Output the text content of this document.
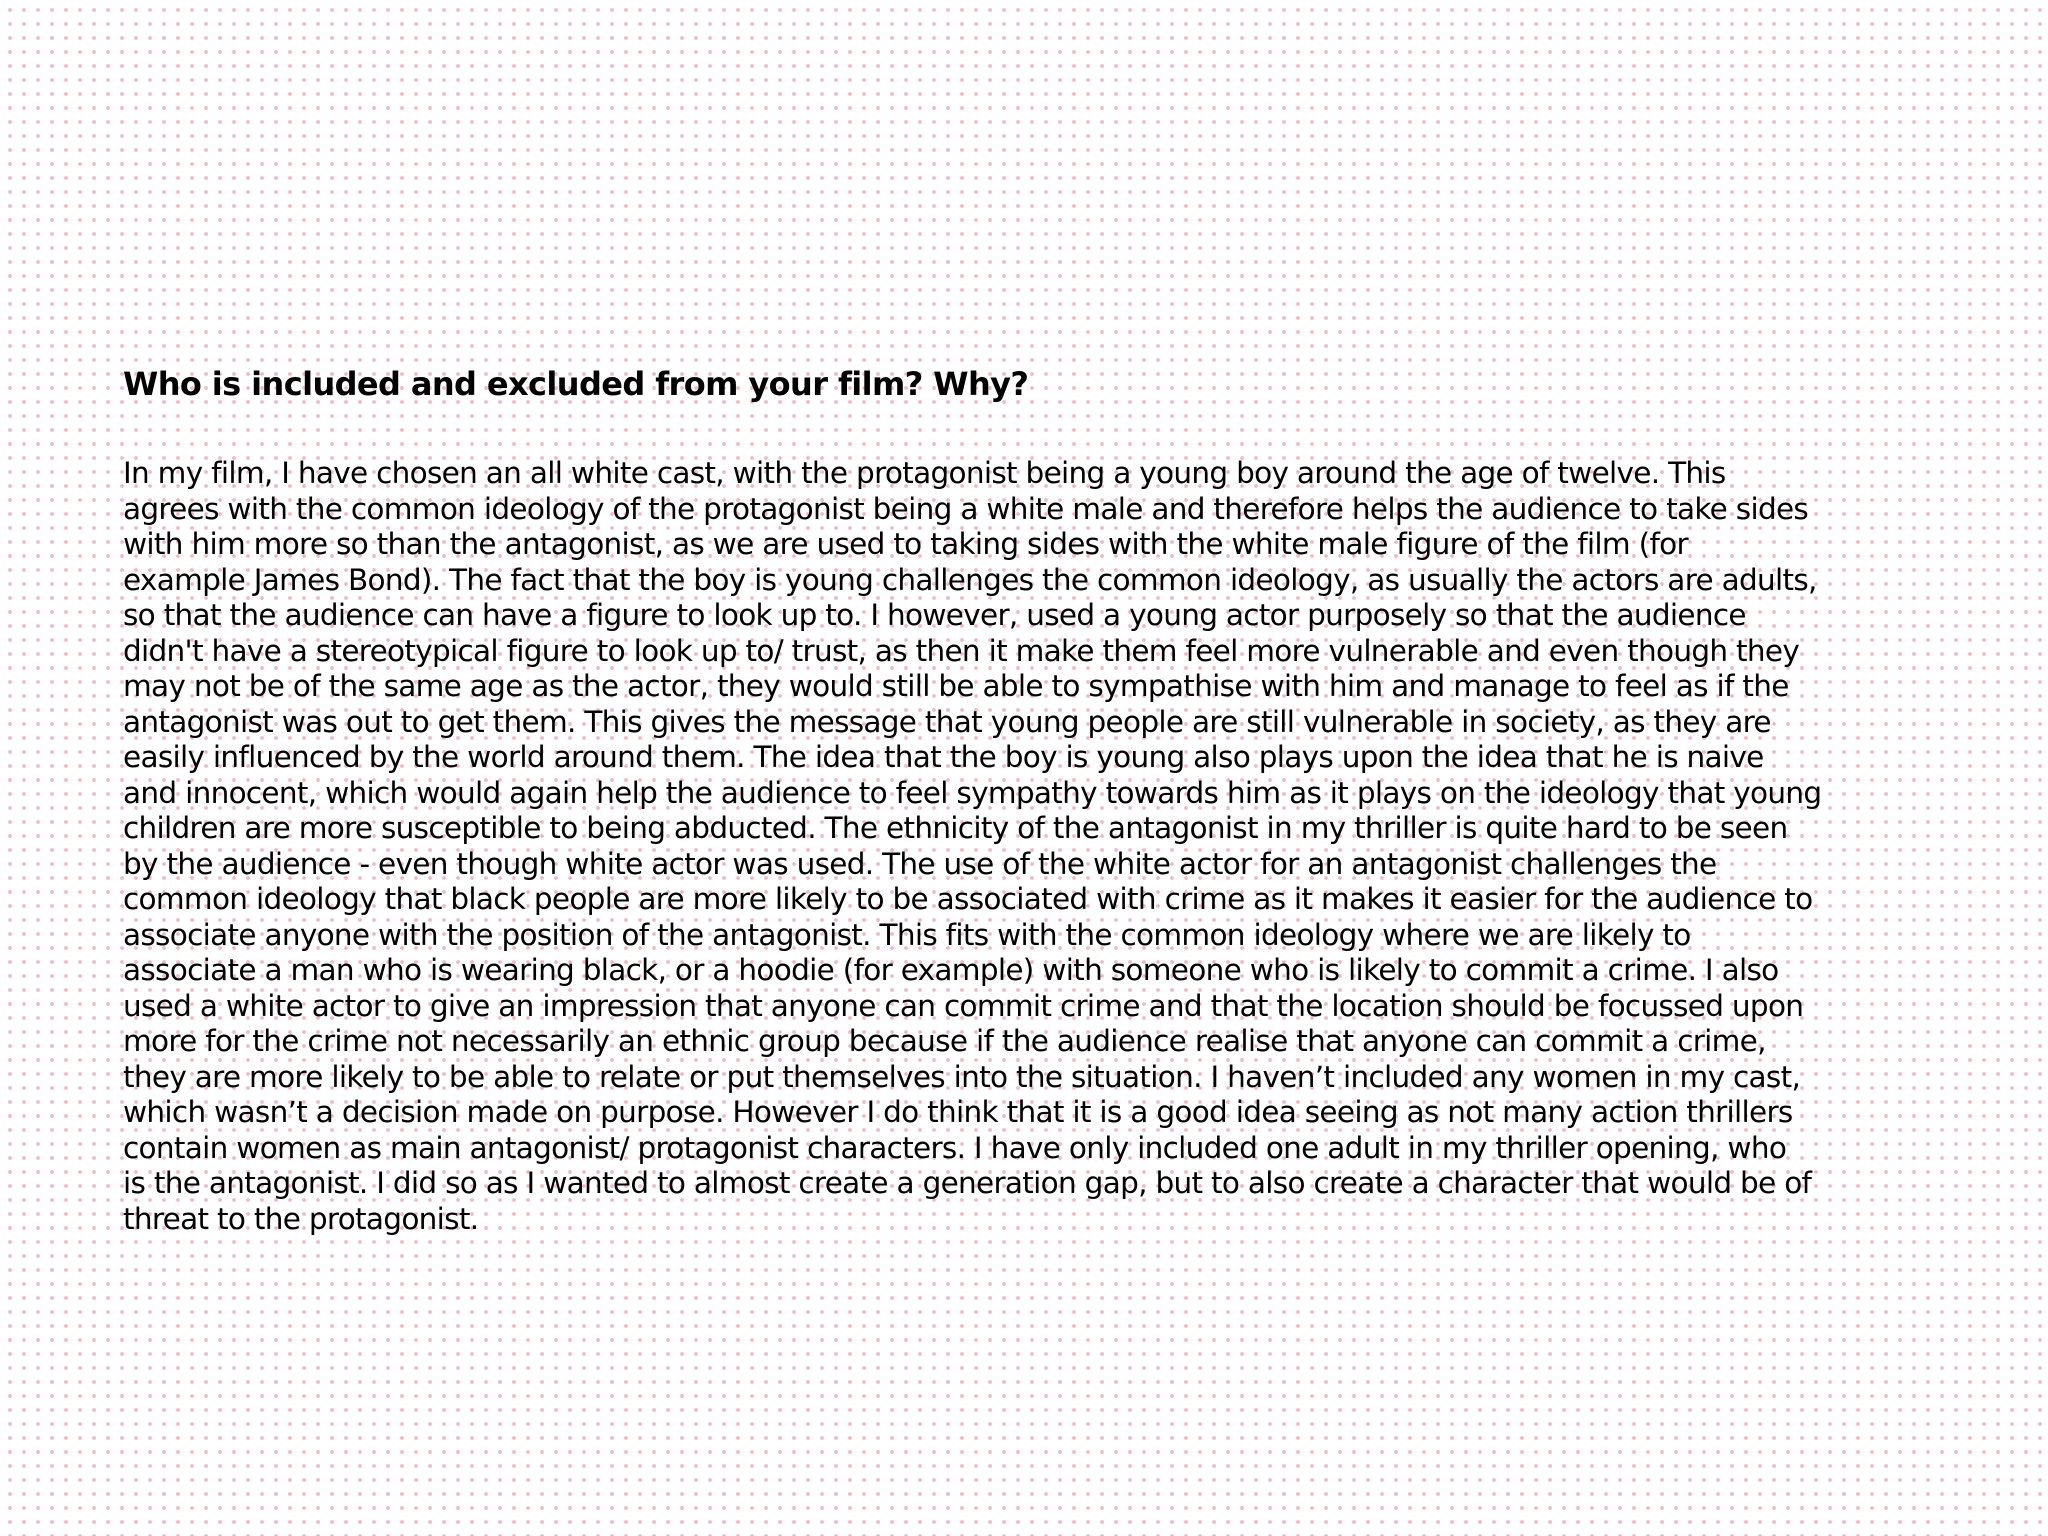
Who is included and excluded from your film? Why?
In my film, I have chosen an all white cast, with the protagonist being a young boy around the age of twelve. This
agrees with the common ideology of the protagonist being a white male and therefore helps the audience to take sides
with him more so than the antagonist, as we are used to taking sides with the white male figure of the film (for
example James Bond). The fact that the boy is young challenges the common ideology, as usually the actors are adults,
so that the audience can have a figure to look up to. I however, used a young actor purposely so that the audience
didn't have a stereotypical figure to look up to/ trust, as then it make them feel more vulnerable and even though they
may not be of the same age as the actor, they would still be able to sympathise with him and manage to feel as if the
antagonist was out to get them. This gives the message that young people are still vulnerable in society, as they are
easily influenced by the world around them. The idea that the boy is young also plays upon the idea that he is naive
and innocent, which would again help the audience to feel sympathy towards him as it plays on the ideology that young
children are more susceptible to being abducted. The ethnicity of the antagonist in my thriller is quite hard to be seen
by the audience - even though white actor was used. The use of the white actor for an antagonist challenges the
common ideology that black people are more likely to be associated with crime as it makes it easier for the audience to
associate anyone with the position of the antagonist. This fits with the common ideology where we are likely to
associate a man who is wearing black, or a hoodie (for example) with someone who is likely to commit a crime. I also
used a white actor to give an impression that anyone can commit crime and that the location should be focussed upon
more for the crime not necessarily an ethnic group because if the audience realise that anyone can commit a crime,
they are more likely to be able to relate or put themselves into the situation. I haven’t included any women in my cast,
which wasn’t a decision made on purpose. However I do think that it is a good idea seeing as not many action thrillers
contain women as main antagonist/ protagonist characters. I have only included one adult in my thriller opening, who
is the antagonist. I did so as I wanted to almost create a generation gap, but to also create a character that would be of
threat to the protagonist.
